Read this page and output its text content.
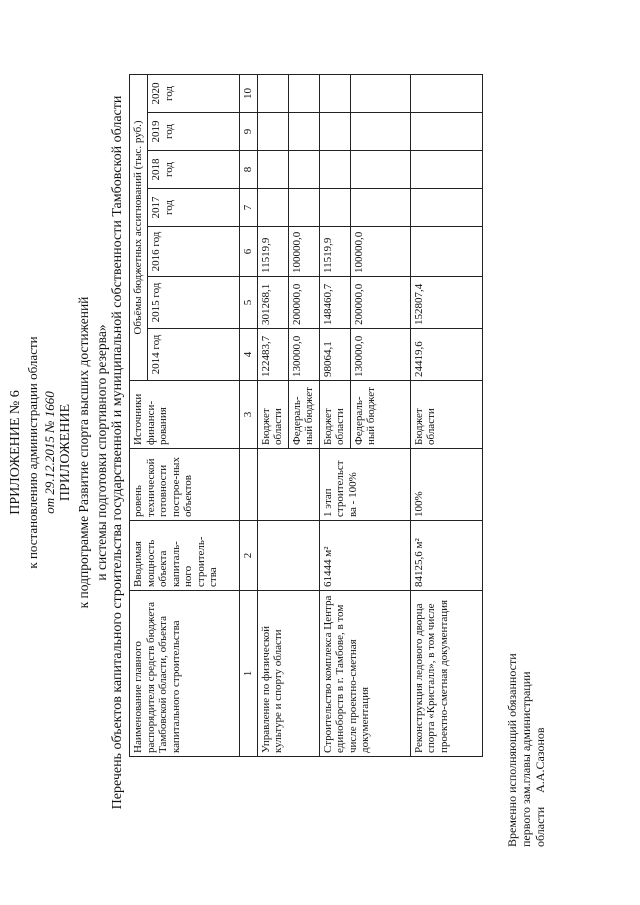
ПРИЛОЖЕНИЕ № 6 к постановлению администрации области от 29.12.2015 № 1660 ПРИЛОЖЕНИЕ к подпрограмме Развитие спорта высших достижений и системы подготовки спортивного резерва» Перечень объектов капитального строительства государственной и муниципальной собственности Тамбовской области Наименование главного распорядителя средств бюджета Тамбовской области, объекта капитального строительства	Вводимая мощность объекта капиталь-ного строитель-ства	ровень технической готовности построе-ных объектов	Источники финанси-рования	Объёмы бюджетных ассигнований (тыс. руб.)						
				2014 год	2015 год	2016 год	2017 год	2018 год	2019 год	2020 год
1	2		3	4	5	6	7	8	9	10
Управление по физической культуре и спорту области			Бюджет области	122483,7	301268,1	11519,9				
			Федераль-ный бюджет	130000,0	200000,0	100000,0				
Строительство комплекса Центра единоборств в г. Тамбове, в том числе проектно-сметная документация	61444 м²	1 этап строительст ва - 100%	Бюджет области	98064,1	148460,7	11519,9				
			Федераль-ный бюджет	130000,0	200000,0	100000,0				
Реконструкция ледового дворца спорта «Кристалл», в том числе проектно-сметная документация	84125,6 м²	100%	Бюджет области	24419,6	152807,4					
Временно исполняющий обязанности первого зам.главы администрации областиА.А.Сазонов
